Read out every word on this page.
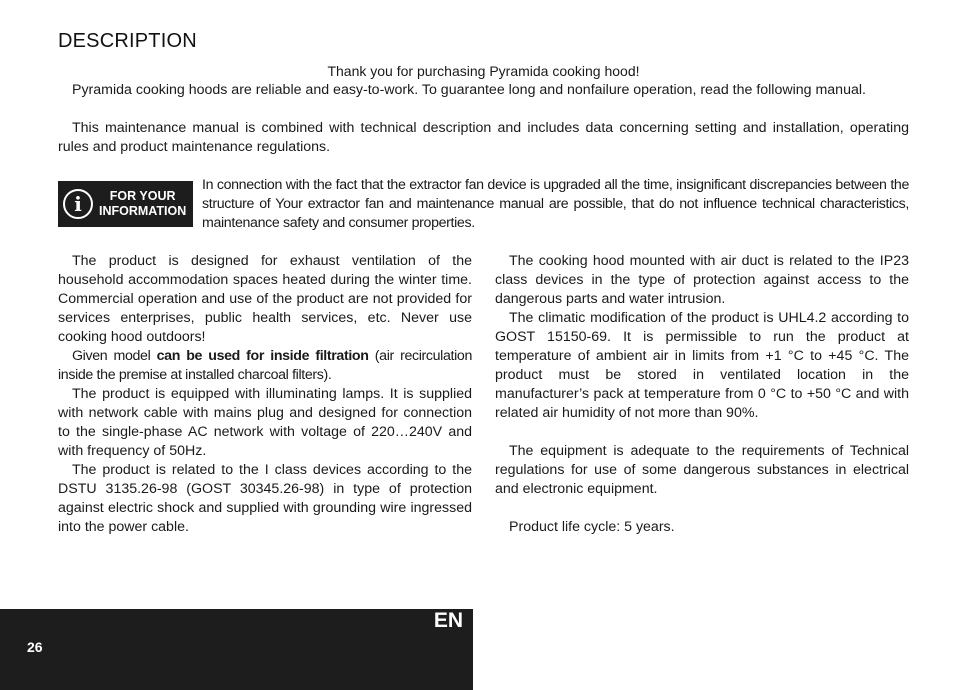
DESCRIPTION
Thank you for purchasing Pyramida cooking hood!
Pyramida cooking hoods are reliable and easy-to-work. To guarantee long and nonfailure operation, read the following manual.
This maintenance manual is combined with technical description and includes data concerning setting and installation, operating rules and product maintenance regulations.
i	FOR YOUR
INFORMATION
In connection with the fact that the extractor fan device is upgraded all the time, insignificant discrepancies between the structure of Your extractor fan and maintenance manual are possible, that do not influence technical characteristics, maintenance safety and consumer properties.

The product is designed for exhaust ventilation of the household accommodation spaces heated during the winter time. Commercial operation and use of the product are not provided for services enterprises, public health services, etc. Never use cooking hood outdoors!

Given model can be used for inside filtration (air recirculation inside the premise at installed charcoal filters).

The product is equipped with illuminating lamps. It is supplied with network cable with mains plug and designed for connection to the single-phase AC network with voltage of 220…240V and with frequency of 50Hz.

The product is related to the I class devices according to the DSTU 3135.26-98 (GOST 30345.26-98) in type of protection against electric shock and supplied with grounding wire ingressed into the power cable.

The cooking hood mounted with air duct is related to the IP23 class devices in the type of protection against access to the dangerous parts and water intrusion.

The climatic modification of the product is UHL4.2 according to GOST 15150-69. It is permissible to run the product at temperature of ambient air in limits from +1 °C to +45 °C. The product must be stored in ventilated location in the manufacturer’s pack at temperature from 0 °C to +50 °C and with related air humidity of not more than 90%.

The equipment is adequate to the requirements of Technical regulations for use of some dangerous substances in electrical and electronic equipment.

Product life cycle: 5 years.

EN
26
